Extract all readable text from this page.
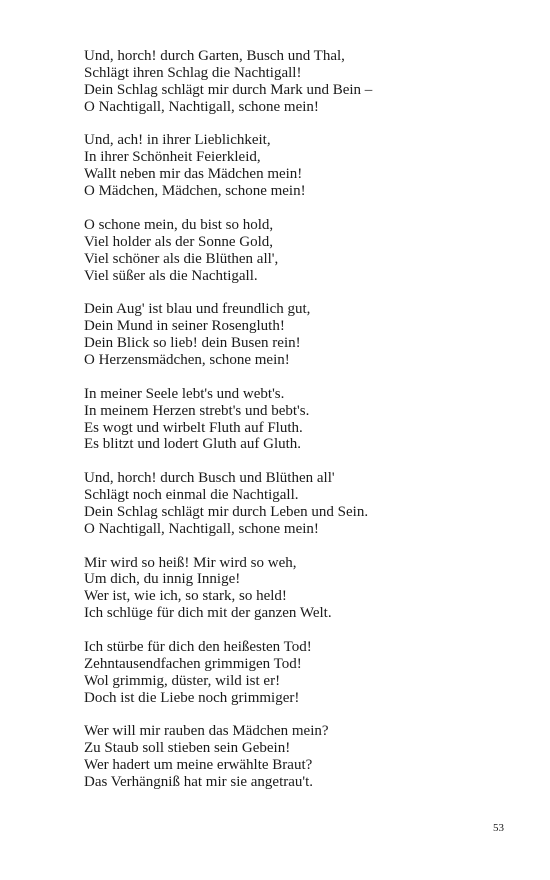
Und, horch! durch Garten, Busch und Thal,
Schlägt ihren Schlag die Nachtigall!
Dein Schlag schlägt mir durch Mark und Bein –
O Nachtigall, Nachtigall, schone mein!
Und, ach! in ihrer Lieblichkeit,
In ihrer Schönheit Feierkleid,
Wallt neben mir das Mädchen mein!
O Mädchen, Mädchen, schone mein!
O schone mein, du bist so hold,
Viel holder als der Sonne Gold,
Viel schöner als die Blüthen all',
Viel süßer als die Nachtigall.
Dein Aug' ist blau und freundlich gut,
Dein Mund in seiner Rosengluth!
Dein Blick so lieb! dein Busen rein!
O Herzensmädchen, schone mein!
In meiner Seele lebt's und webt's.
In meinem Herzen strebt's und bebt's.
Es wogt und wirbelt Fluth auf Fluth.
Es blitzt und lodert Gluth auf Gluth.
Und, horch! durch Busch und Blüthen all'
Schlägt noch einmal die Nachtigall.
Dein Schlag schlägt mir durch Leben und Sein.
O Nachtigall, Nachtigall, schone mein!
Mir wird so heiß! Mir wird so weh,
Um dich, du innig Innige!
Wer ist, wie ich, so stark, so held!
Ich schlüge für dich mit der ganzen Welt.
Ich stürbe für dich den heißesten Tod!
Zehntausendfachen grimmigen Tod!
Wol grimmig, düster, wild ist er!
Doch ist die Liebe noch grimmiger!
Wer will mir rauben das Mädchen mein?
Zu Staub soll stieben sein Gebein!
Wer hadert um meine erwählte Braut?
Das Verhängniß hat mir sie angetrau't.
53
